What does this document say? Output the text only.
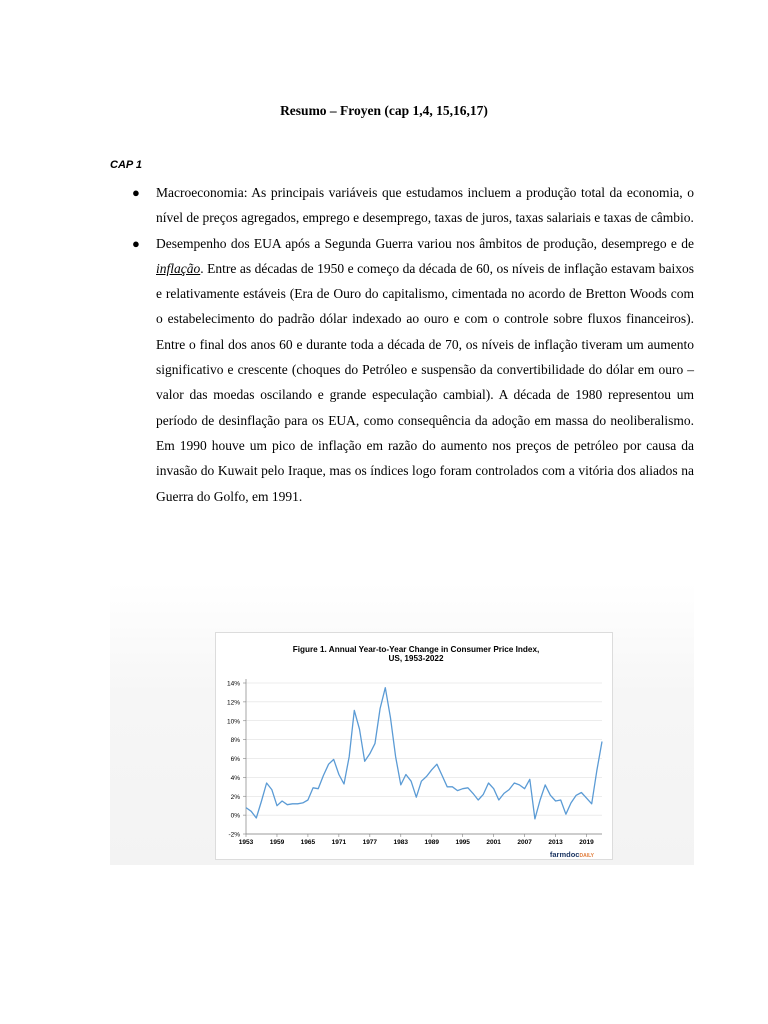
Resumo – Froyen (cap 1,4, 15,16,17)
CAP 1
● Macroeconomia: As principais variáveis que estudamos incluem a produção total da economia, o nível de preços agregados, emprego e desemprego, taxas de juros, taxas salariais e taxas de câmbio.
● Desempenho dos EUA após a Segunda Guerra variou nos âmbitos de produção, desemprego e de inflação. Entre as décadas de 1950 e começo da década de 60, os níveis de inflação estavam baixos e relativamente estáveis (Era de Ouro do capitalismo, cimentada no acordo de Bretton Woods com o estabelecimento do padrão dólar indexado ao ouro e com o controle sobre fluxos financeiros). Entre o final dos anos 60 e durante toda a década de 70, os níveis de inflação tiveram um aumento significativo e crescente (choques do Petróleo e suspensão da convertibilidade do dólar em ouro – valor das moedas oscilando e grande especulação cambial). A década de 1980 representou um período de desinflação para os EUA, como consequência da adoção em massa do neoliberalismo. Em 1990 houve um pico de inflação em razão do aumento nos preços de petróleo por causa da invasão do Kuwait pelo Iraque, mas os índices logo foram controlados com a vitória dos aliados na Guerra do Golfo, em 1991.
Figure 1. Annual Year-to-Year Change in Consumer Price Index,
US, 1953-2022
14%
12%
10%
8%
6%
4%
2%
0%
-2%
1953	1959	1965	1971	1977	1983	1989	1995	2001	2007	2013	2019
farmdocDAILY
